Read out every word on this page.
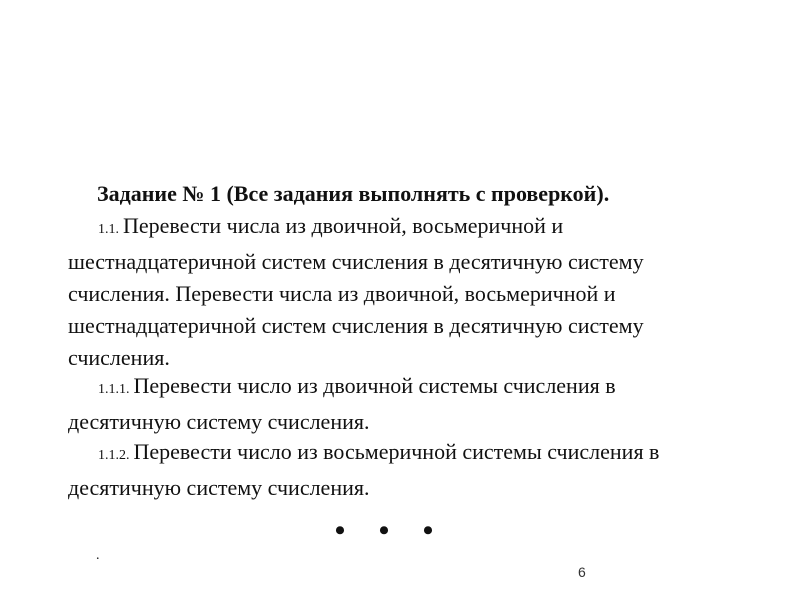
Задание № 1 (Все задания выполнять с проверкой).
1.1. Перевести числа из двоичной, восьмеричной и шестнадцатеричной систем счисления в десятичную систему счисления. Перевести числа из двоичной, восьмеричной и шестнадцатеричной систем счисления в десятичную систему счисления.
1.1.1. Перевести число из двоичной системы счисления в десятичную систему счисления.
1.1.2. Перевести число из восьмеричной системы счисления в десятичную систему счисления.
• • •
.
6
